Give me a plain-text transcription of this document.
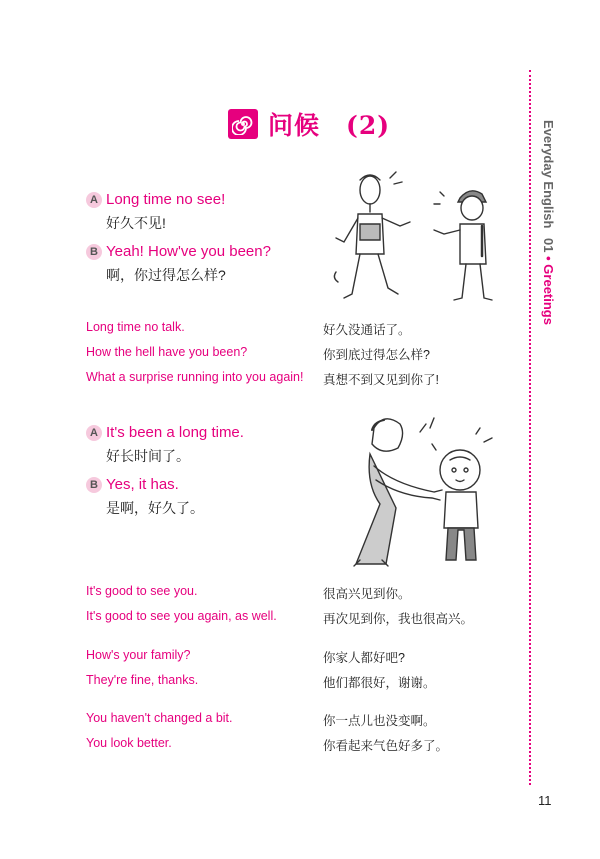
问候　(2)
A Long time no see!
好久不见!
B Yeah! How've you been?
啊，你过得怎么样?
Long time no talk.	好久没通话了。
How the hell have you been?	你到底过得怎么样?
What a surprise running into you again! 真想不到又见到你了!
A It's been a long time.
好长时间了。
B Yes, it has.
是啊，好久了。
It's good to see you.	很高兴见到你。
It's good to see you again, as well.	再次见到你，我也很高兴。
How's your family?	你家人都好吧?
They're fine, thanks.	他们都很好，谢谢。
You haven't changed a bit.	你一点儿也没变啊。
You look better.	你看起来气色好多了。
Everyday English 01 • Greetings
11
